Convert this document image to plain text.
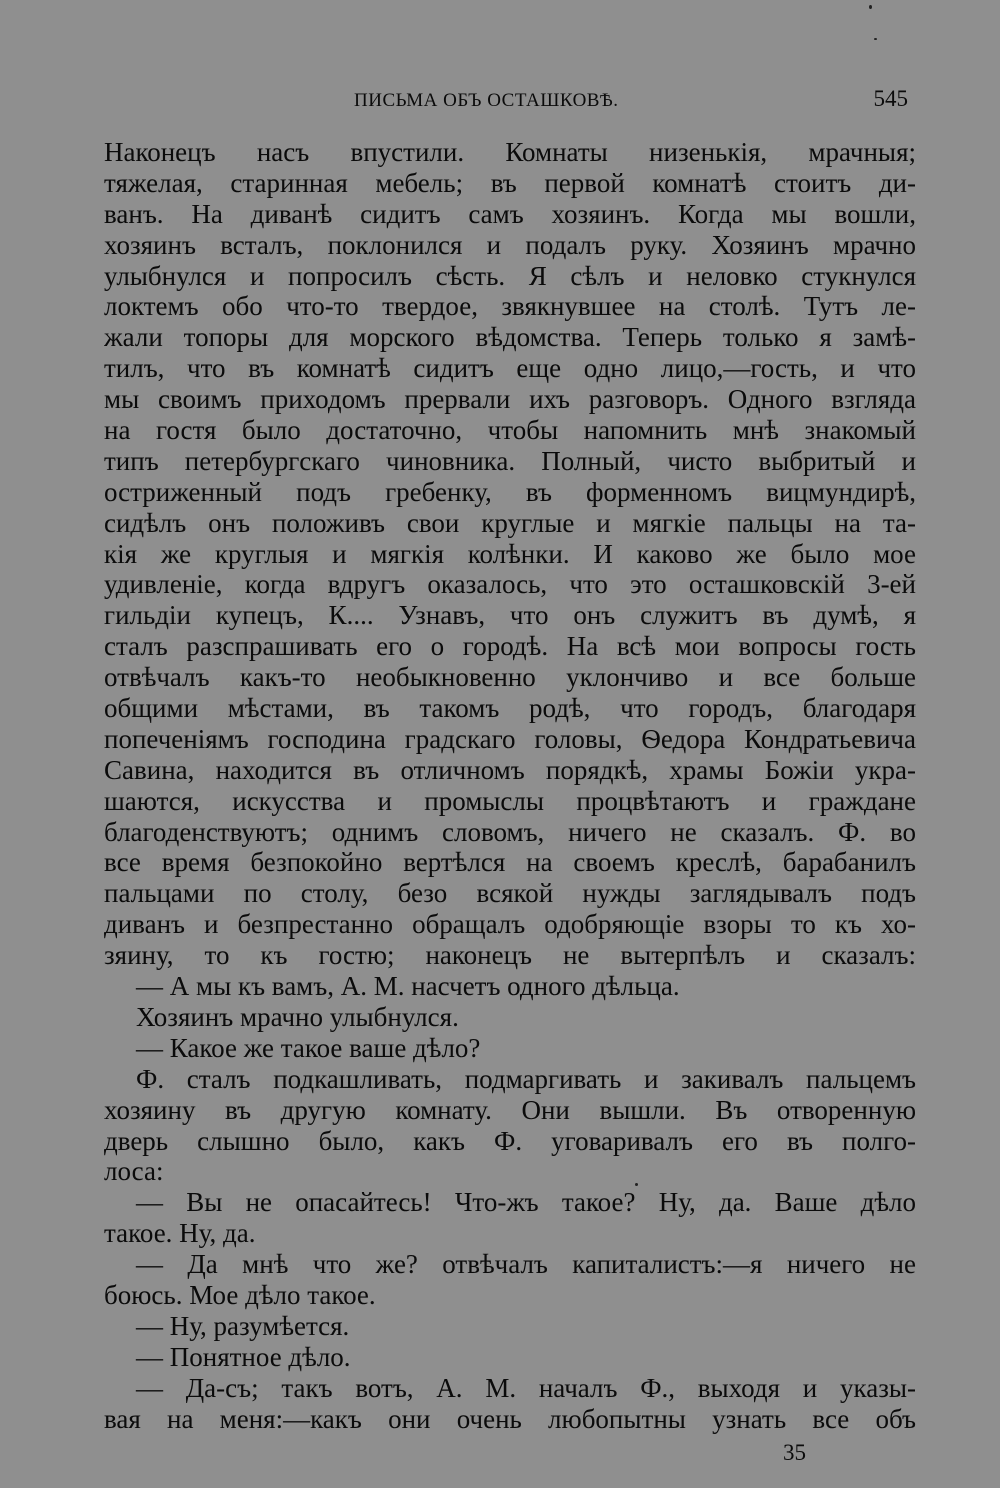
ПИСЬМА ОБЪ ОСТАШКОВѢ.	545
Наконецъ насъ впустили. Комнаты низенькія, мрачныя;
тяжелая, старинная мебель; въ первой комнатѣ стоитъ ди-
ванъ. На диванѣ сидитъ самъ хозяинъ. Когда мы вошли,
хозяинъ всталъ, поклонился и подалъ руку. Хозяинъ мрачно
улыбнулся и попросилъ сѣсть. Я сѣлъ и неловко стукнулся
локтемъ обо что-то твердое, звякнувшее на столѣ. Тутъ ле-
жали топоры для морского вѣдомства. Теперь только я замѣ-
тилъ, что въ комнатѣ сидитъ еще одно лицо,—гость, и что
мы своимъ приходомъ прервали ихъ разговоръ. Одного взгляда
на гостя было достаточно, чтобы напомнить мнѣ знакомый
типъ петербургскаго чиновника. Полный, чисто выбритый и
остриженный подъ гребенку, въ форменномъ вицмундирѣ,
сидѣлъ онъ положивъ свои круглые и мягкіе пальцы на та-
кія же круглыя и мягкія колѣнки. И каково же было мое
удивленіе, когда вдругъ оказалось, что это осташковскій 3-ей
гильдіи купецъ, К.... Узнавъ, что онъ служитъ въ думѣ, я
сталъ разспрашивать его о городѣ. На всѣ мои вопросы гость
отвѣчалъ какъ-то необыкновенно уклончиво и все больше
общими мѣстами, въ такомъ родѣ, что городъ, благодаря
попеченіямъ господина градскаго головы, Ѳедора Кондратьевича
Савина, находится въ отличномъ порядкѣ, храмы Божіи укра-
шаются, искусства и промыслы процвѣтаютъ и граждане
благоденствуютъ; однимъ словомъ, ничего не сказалъ. Ф. во
все время безпокойно вертѣлся на своемъ креслѣ, барабанилъ
пальцами по столу, безо всякой нужды заглядывалъ подъ
диванъ и безпрестанно обращалъ одобряющіе взоры то къ хо-
зяину, то къ гостю; наконецъ не вытерпѣлъ и сказалъ:
— А мы къ вамъ, А. М. насчетъ одного дѣльца.
Хозяинъ мрачно улыбнулся.
— Какое же такое ваше дѣло?
Ф. сталъ подкашливать, подмаргивать и закивалъ пальцемъ
хозяину въ другую комнату. Они вышли. Въ отворенную
дверь слышно было, какъ Ф. уговаривалъ его въ полго-
лоса:
— Вы не опасайтесь! Что-жъ такое? Ну, да. Ваше дѣло
такое. Ну, да.
— Да мнѣ что же? отвѣчалъ капиталистъ:—я ничего не
боюсь. Мое дѣло такое.
— Ну, разумѣется.
— Понятное дѣло.
— Да-съ; такъ вотъ, А. М. началъ Ф., выходя и указы-
вая на меня:—какъ они очень любопытны узнать все объ
35
